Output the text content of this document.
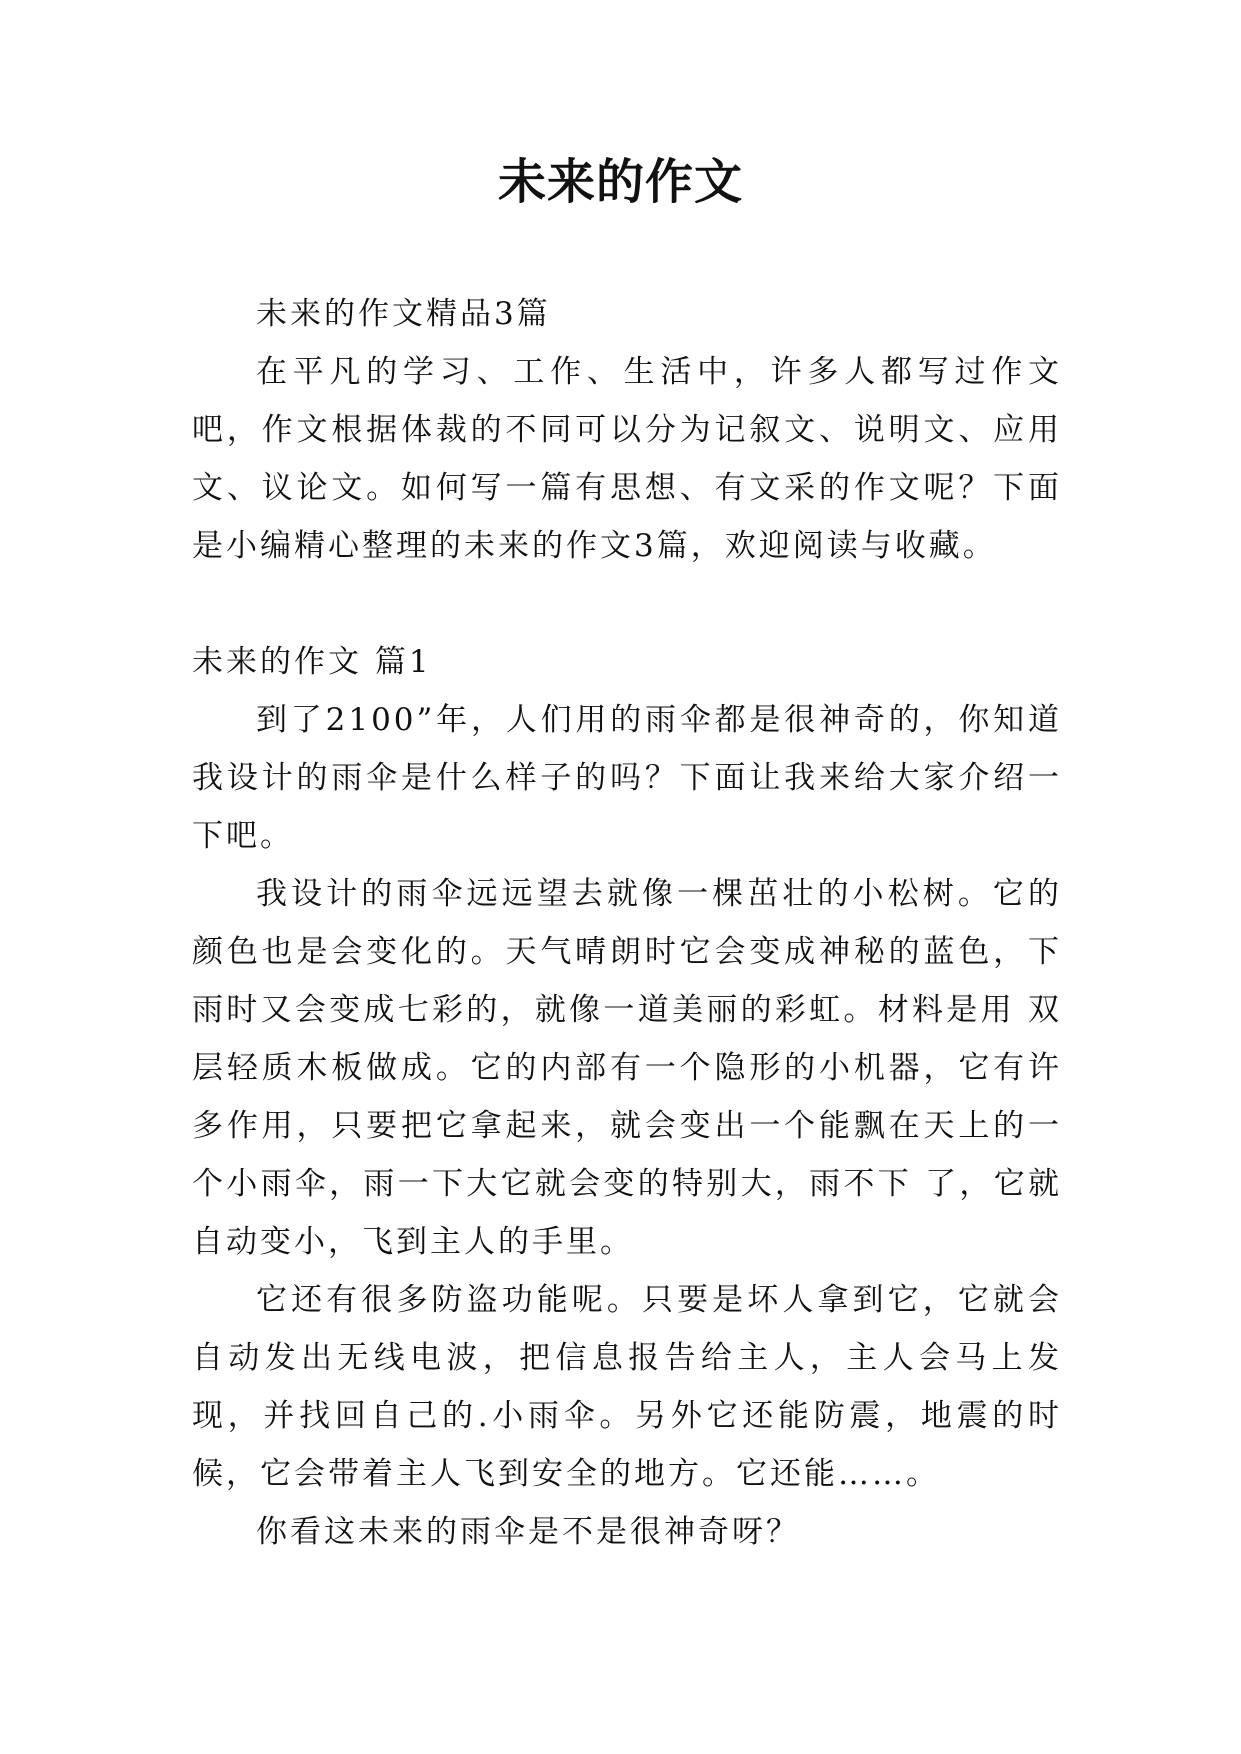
未来的作文

未来的作文精品3篇

在平凡的学习、工作、生活中，许多人都写过作文吧，作文根据体裁的不同可以分为记叙文、说明文、应用文、议论文。如何写一篇有思想、有文采的作文呢？下面是小编精心整理的未来的作文3篇，欢迎阅读与收藏。

未来的作文 篇1

到了2100”年，人们用的雨伞都是很神奇的，你知道我设计的雨伞是什么样子的吗？下面让我来给大家介绍一下吧。

我设计的雨伞远远望去就像一棵茁壮的小松树。它的颜色也是会变化的。天气晴朗时它会变成神秘的蓝色，下雨时又会变成七彩的，就像一道美丽的彩虹。材料是用 双层轻质木板做成。它的内部有一个隐形的小机器，它有许多作用，只要把它拿起来，就会变出一个能飘在天上的一个小雨伞，雨一下大它就会变的特别大，雨不下 了，它就自动变小，飞到主人的手里。

它还有很多防盗功能呢。只要是坏人拿到它，它就会自动发出无线电波，把信息报告给主人，主人会马上发现，并找回自己的.小雨伞。另外它还能防震，地震的时候，它会带着主人飞到安全的地方。它还能……。

你看这未来的雨伞是不是很神奇呀？
